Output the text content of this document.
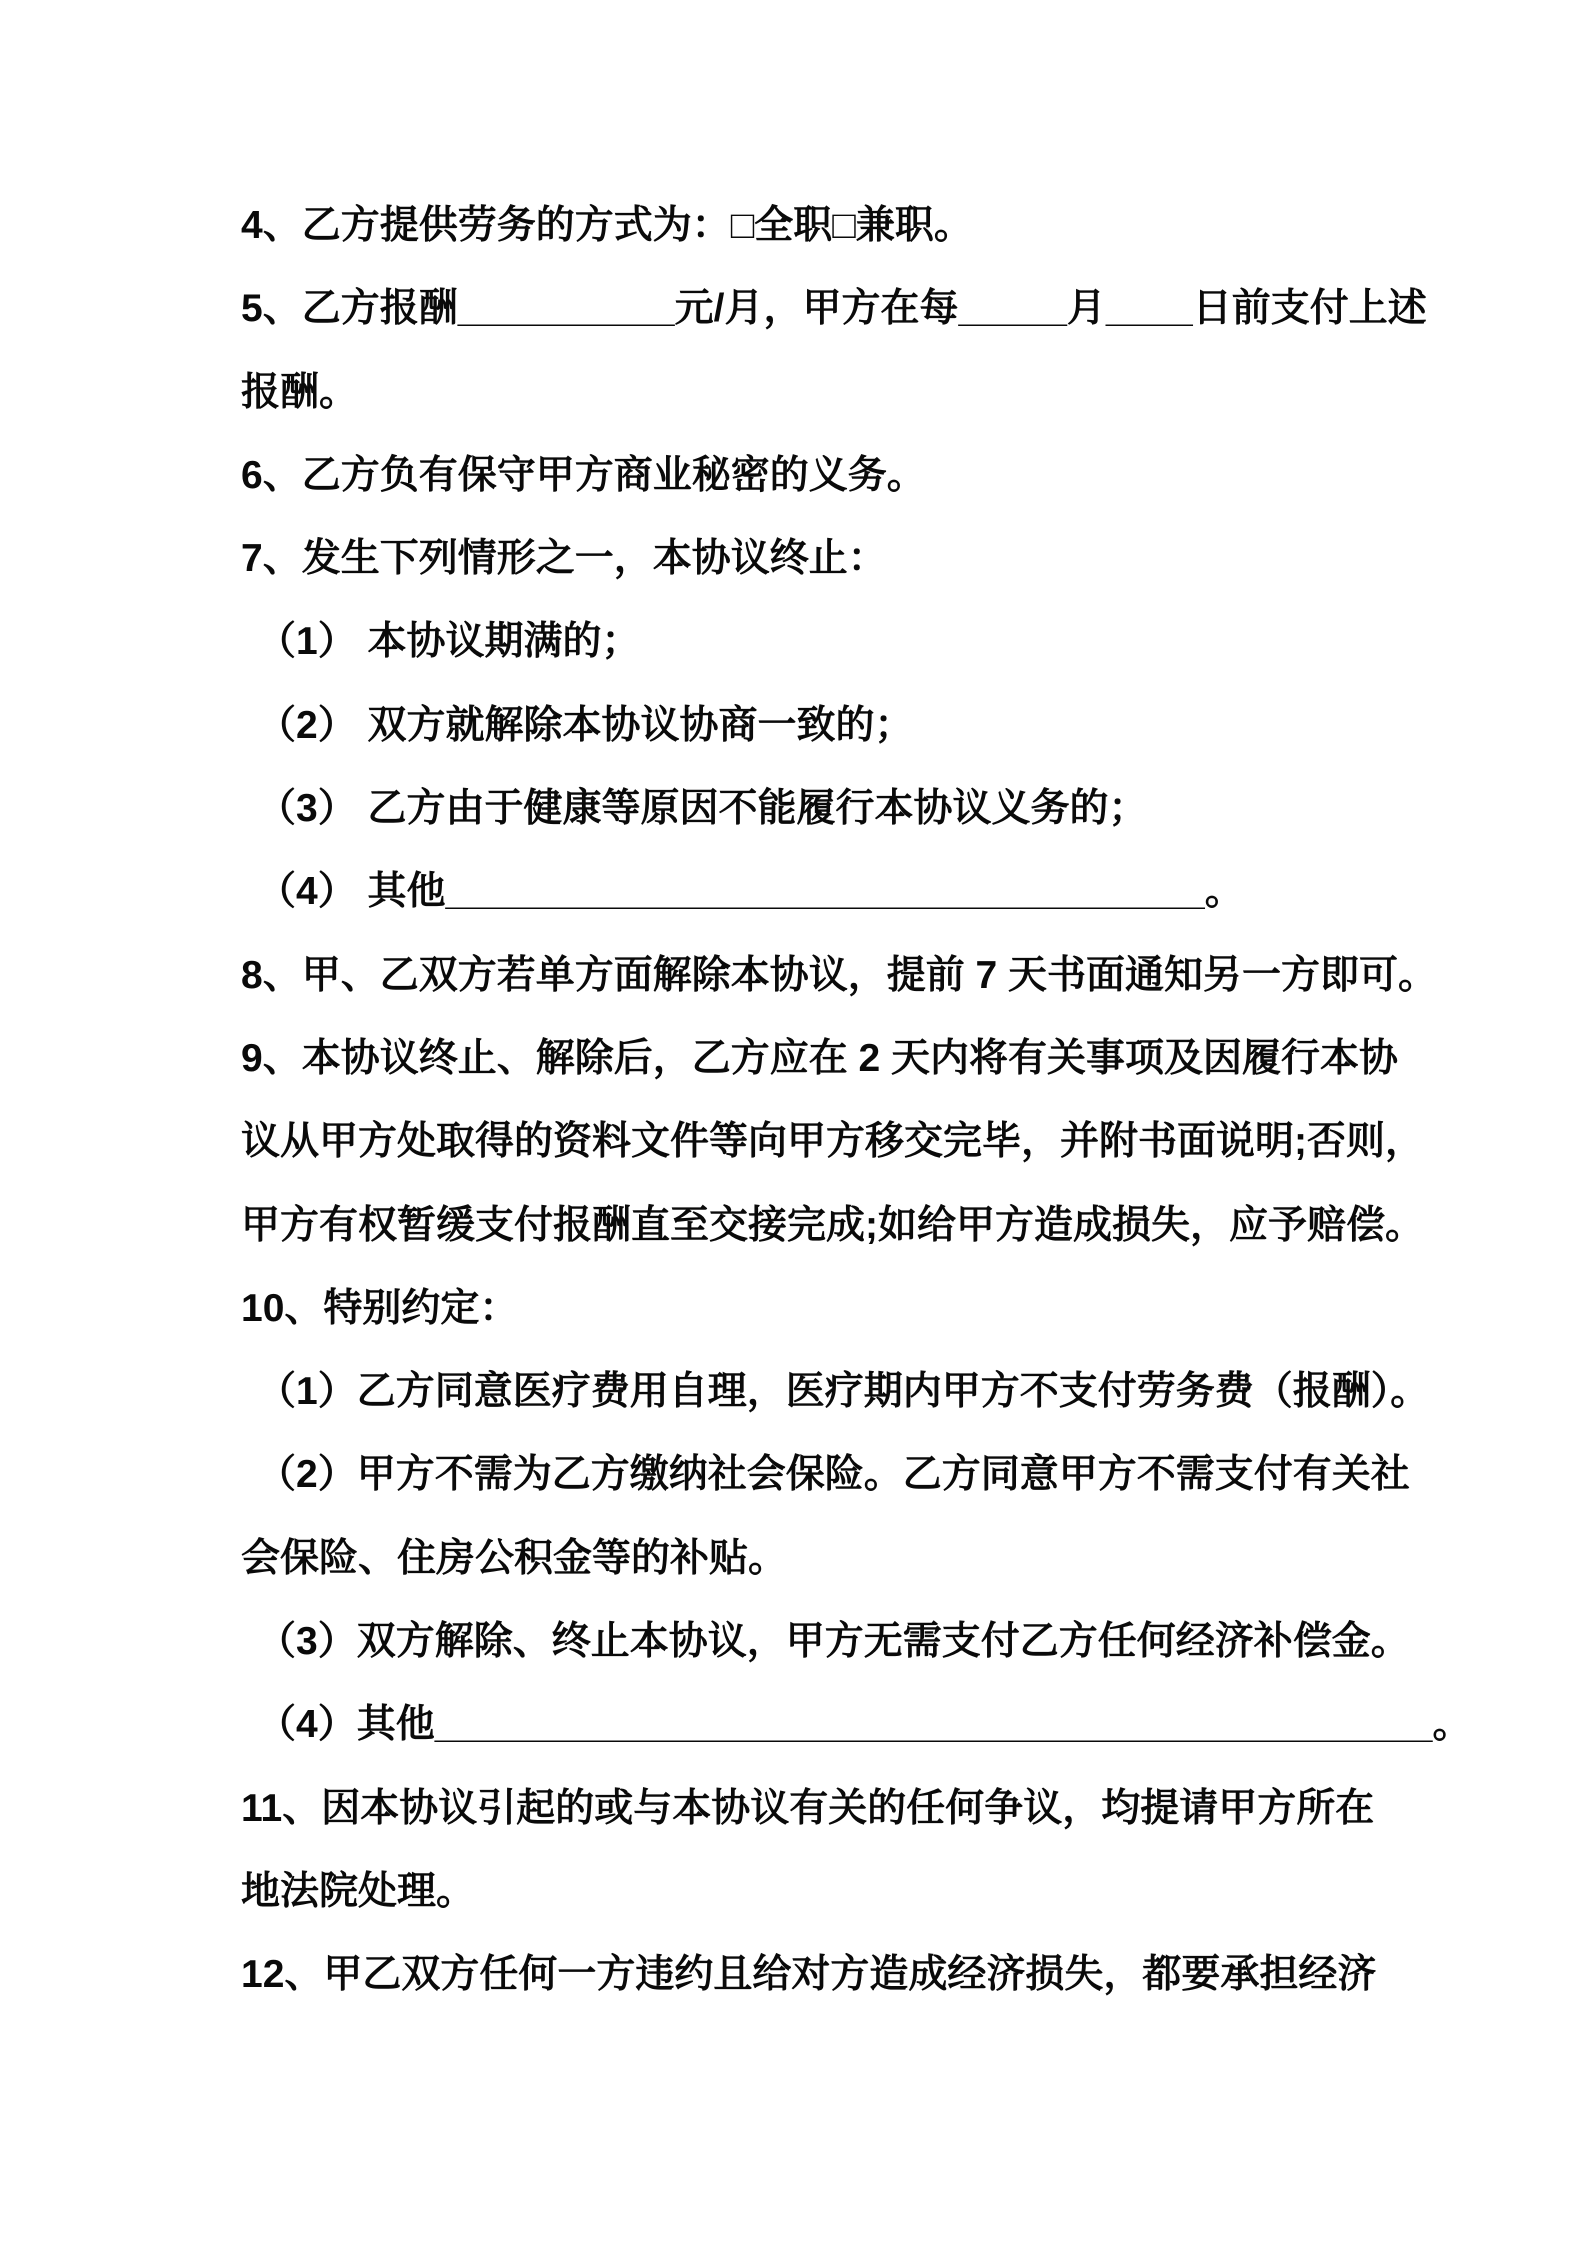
4、乙方提供劳务的方式为：□全职□兼职。
5、乙方报酬__________元/月，甲方在每_____月____日前支付上述
报酬。
6、乙方负有保守甲方商业秘密的义务。
7、发生下列情形之一，本协议终止：
（1） 本协议期满的；
（2） 双方就解除本协议协商一致的；
（3） 乙方由于健康等原因不能履行本协议义务的；
（4） 其他___________________________________。
8、甲、乙双方若单方面解除本协议，提前 7 天书面通知另一方即可。
9、本协议终止、解除后，乙方应在 2 天内将有关事项及因履行本协
议从甲方处取得的资料文件等向甲方移交完毕，并附书面说明;否则，
甲方有权暂缓支付报酬直至交接完成;如给甲方造成损失，应予赔偿。
10、特别约定：
（1）乙方同意医疗费用自理，医疗期内甲方不支付劳务费（报酬）。
（2）甲方不需为乙方缴纳社会保险。乙方同意甲方不需支付有关社
会保险、住房公积金等的补贴。
（3）双方解除、终止本协议，甲方无需支付乙方任何经济补偿金。
（4）其他______________________________________________。
11、因本协议引起的或与本协议有关的任何争议，均提请甲方所在
地法院处理。
12、甲乙双方任何一方违约且给对方造成经济损失，都要承担经济
